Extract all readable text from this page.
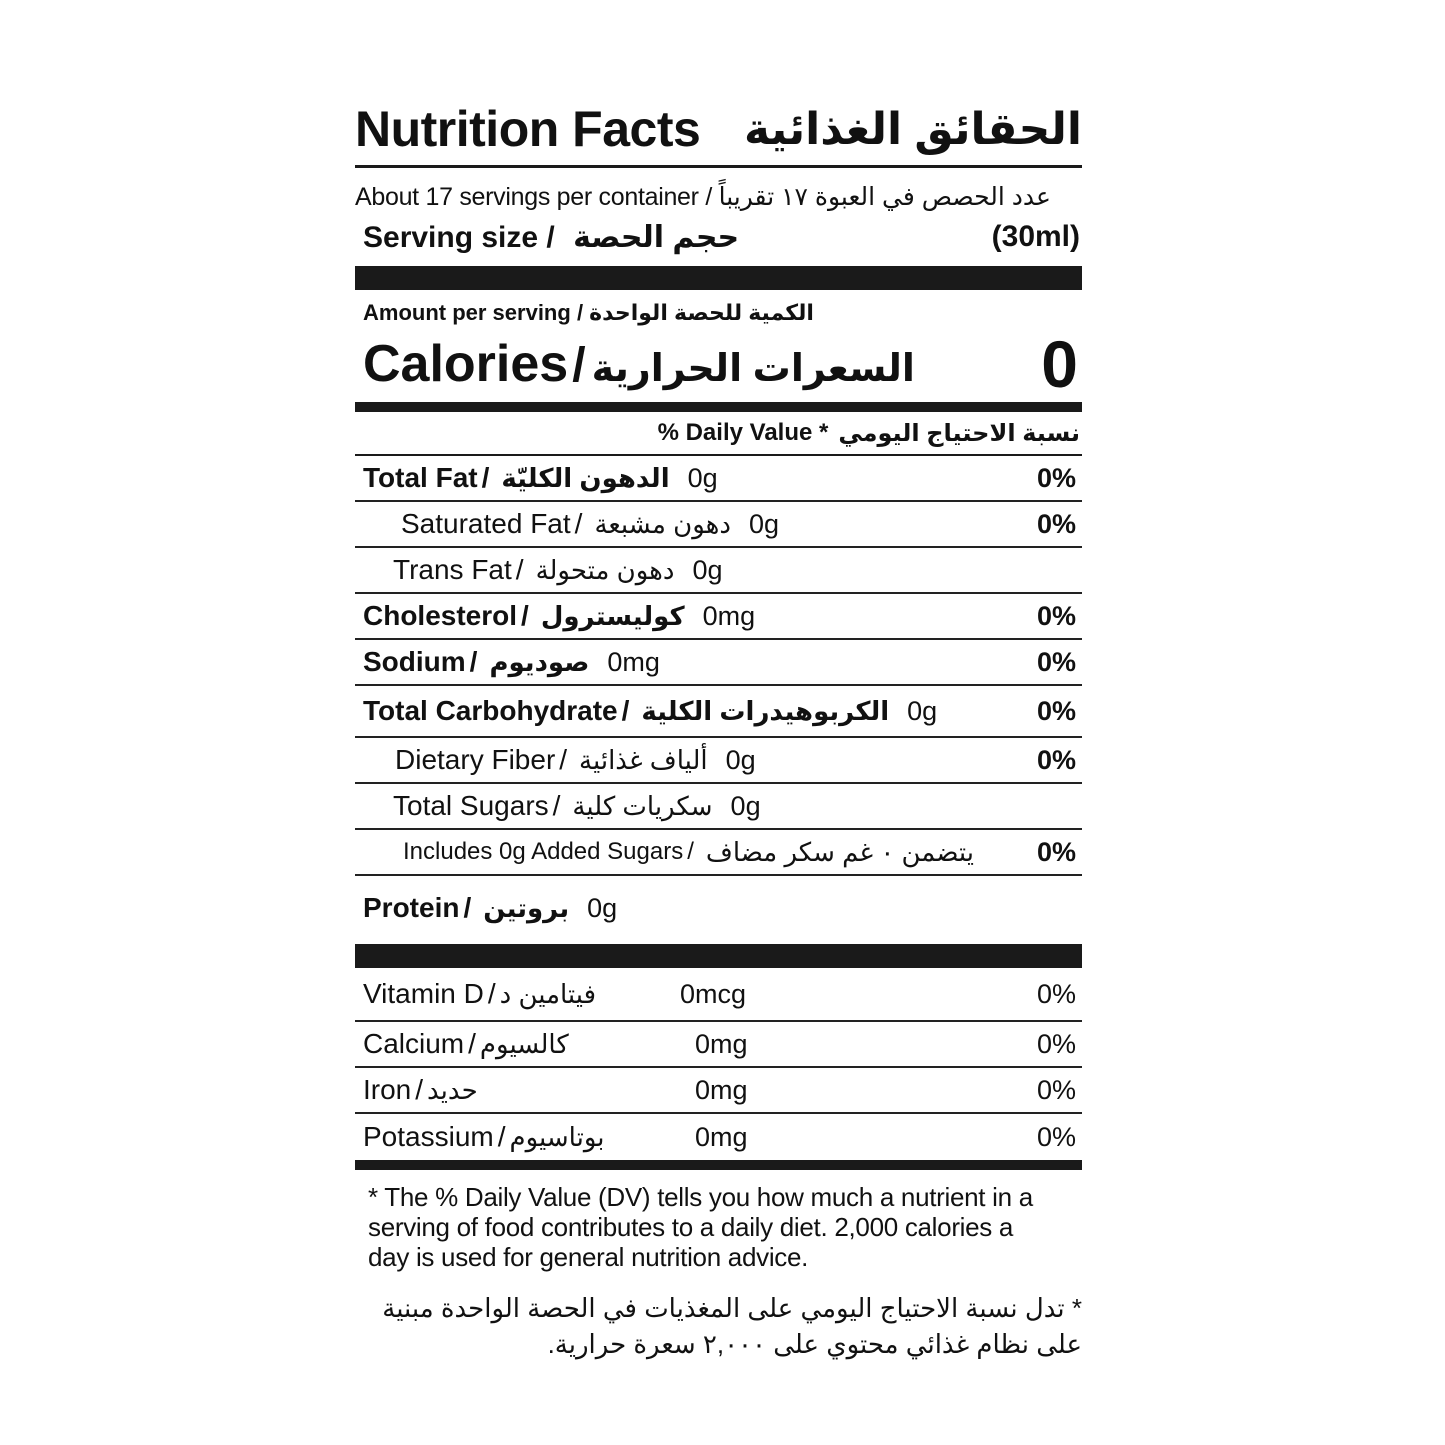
Nutrition Facts الحقائق الغذائية
About 17 servings per container / عدد الحصص في العبوة ١٧ تقريباً
Serving size / حجم الحصة	(30ml)
Amount per serving / الكمية للحصة الواحدة
Calories / السعرات الحرارية 0
% Daily Value * نسبة الاحتياج اليومي
Total Fat / الدهون الكليّة 0g	0%
Saturated Fat / دهون مشبعة 0g	0%
Trans Fat / دهون متحولة 0g
Cholesterol / كوليسترول 0mg	0%
Sodium / صوديوم 0mg	0%
Total Carbohydrate / الكربوهيدرات الكلية 0g	0%
Dietary Fiber / ألياف غذائية 0g	0%
Total Sugars / سكريات كلية 0g
Includes 0g Added Sugars / يتضمن ٠ غم سكر مضاف 0%
Protein / بروتين 0g
Vitamin D / فيتامين د	0mcg	0%
Calcium / كالسيوم	0mg	0%
Iron / حديد	0mg	0%
Potassium / بوتاسيوم	0mg	0%
* The % Daily Value (DV) tells you how much a nutrient in a serving of food contributes to a daily diet. 2,000 calories a day is used for general nutrition advice.
* تدل نسبة الاحتياج اليومي على المغذيات في الحصة الواحدة مبنية على نظام غذائي محتوي على ٢,٠٠٠ سعرة حرارية.
